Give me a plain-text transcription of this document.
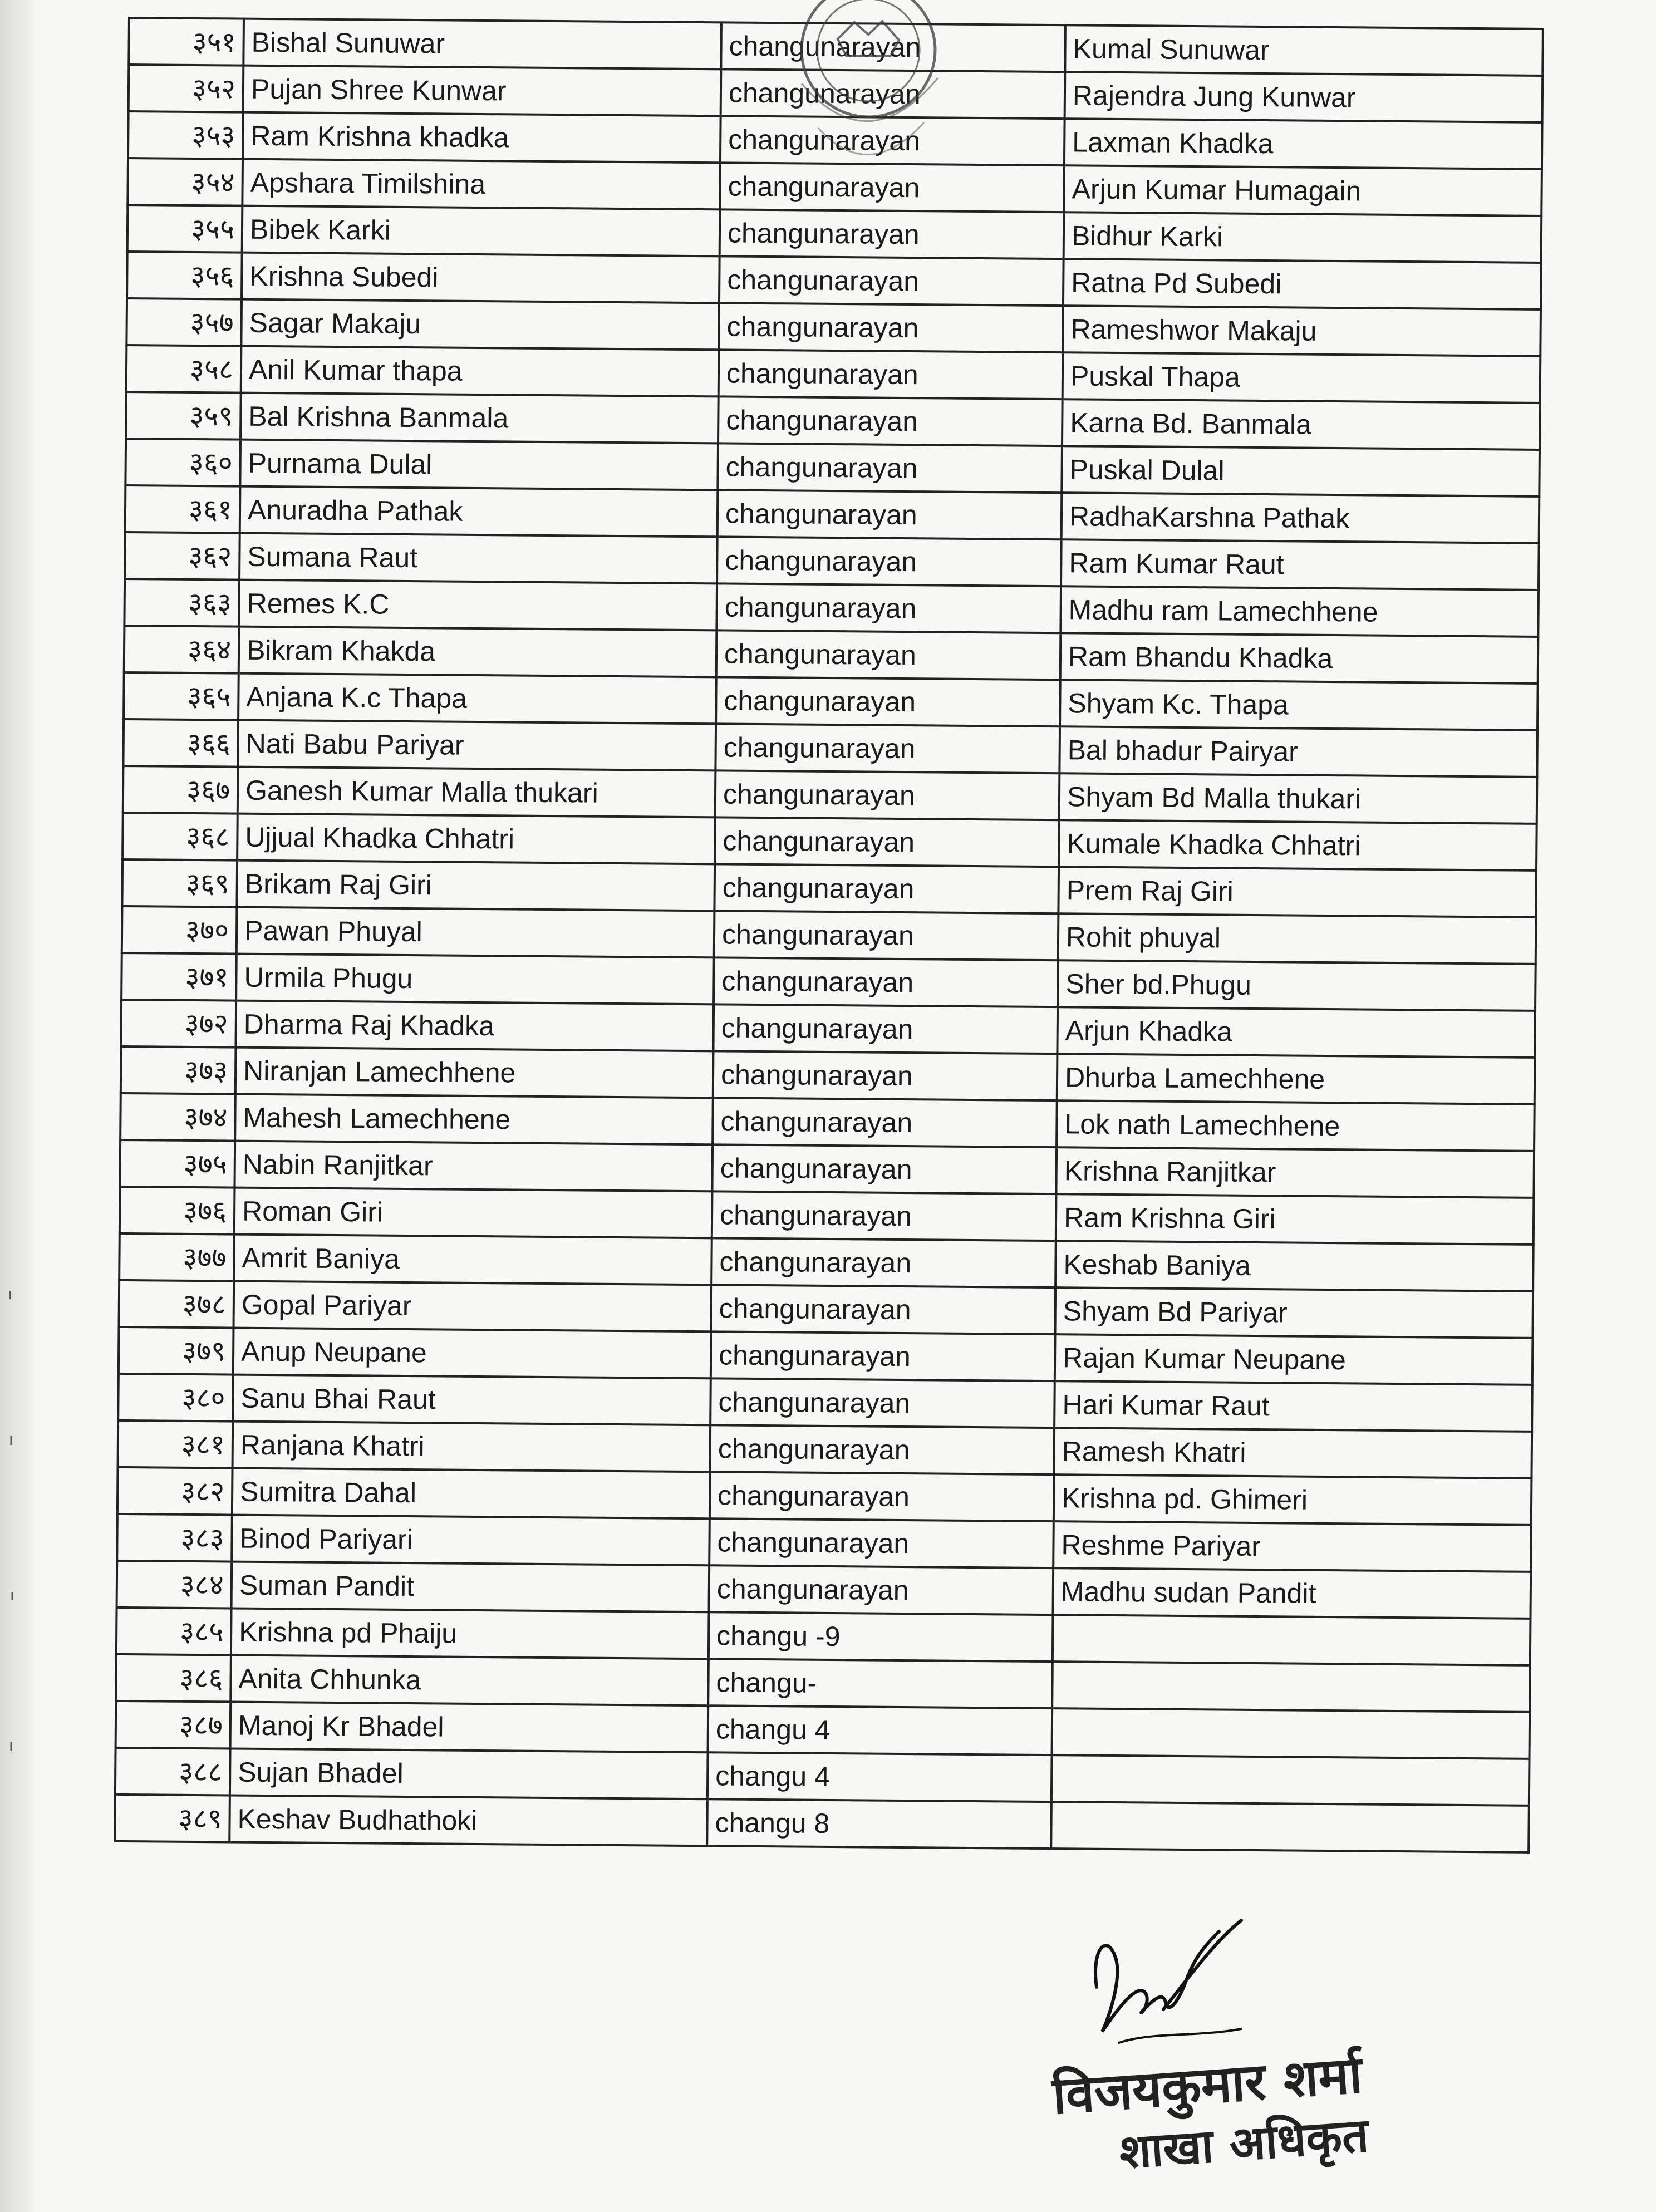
३५१	Bishal Sunuwar	changunarayan	Kumal Sunuwar
३५२	Pujan Shree Kunwar	changunarayan	Rajendra Jung Kunwar
३५३	Ram Krishna khadka	changunarayan	Laxman Khadka
३५४	Apshara Timilshina	changunarayan	Arjun Kumar Humagain
३५५	Bibek Karki	changunarayan	Bidhur Karki
३५६	Krishna Subedi	changunarayan	Ratna Pd Subedi
३५७	Sagar Makaju	changunarayan	Rameshwor Makaju
३५८	Anil Kumar thapa	changunarayan	Puskal Thapa
३५९	Bal Krishna Banmala	changunarayan	Karna Bd. Banmala
३६०	Purnama Dulal	changunarayan	Puskal Dulal
३६१	Anuradha Pathak	changunarayan	RadhaKarshna Pathak
३६२	Sumana Raut	changunarayan	Ram Kumar Raut
३६३	Remes K.C	changunarayan	Madhu ram Lamechhene
३६४	Bikram Khakda	changunarayan	Ram Bhandu Khadka
३६५	Anjana K.c Thapa	changunarayan	Shyam Kc. Thapa
३६६	Nati Babu Pariyar	changunarayan	Bal bhadur Pairyar
३६७	Ganesh Kumar Malla thukari	changunarayan	Shyam Bd Malla thukari
३६८	Ujjual Khadka Chhatri	changunarayan	Kumale Khadka Chhatri
३६९	Brikam Raj Giri	changunarayan	Prem Raj Giri
३७०	Pawan Phuyal	changunarayan	Rohit phuyal
३७१	Urmila Phugu	changunarayan	Sher bd.Phugu
३७२	Dharma Raj Khadka	changunarayan	Arjun Khadka
३७३	Niranjan Lamechhene	changunarayan	Dhurba Lamechhene
३७४	Mahesh Lamechhene	changunarayan	Lok nath Lamechhene
३७५	Nabin Ranjitkar	changunarayan	Krishna Ranjitkar
३७६	Roman Giri	changunarayan	Ram Krishna Giri
३७७	Amrit Baniya	changunarayan	Keshab Baniya
३७८	Gopal Pariyar	changunarayan	Shyam Bd Pariyar
३७९	Anup Neupane	changunarayan	Rajan Kumar Neupane
३८०	Sanu Bhai Raut	changunarayan	Hari Kumar Raut
३८१	Ranjana Khatri	changunarayan	Ramesh Khatri
३८२	Sumitra Dahal	changunarayan	Krishna pd. Ghimeri
३८३	Binod Pariyari	changunarayan	Reshme Pariyar
३८४	Suman Pandit	changunarayan	Madhu sudan Pandit
३८५	Krishna pd Phaiju	changu -9	
३८६	Anita Chhunka	changu-	
३८७	Manoj Kr Bhadel	changu 4	
३८८	Sujan Bhadel	changu 4	
३८९	Keshav Budhathoki	changu 8	
विजयकुमार शर्मा
शाखा अधिकृत
